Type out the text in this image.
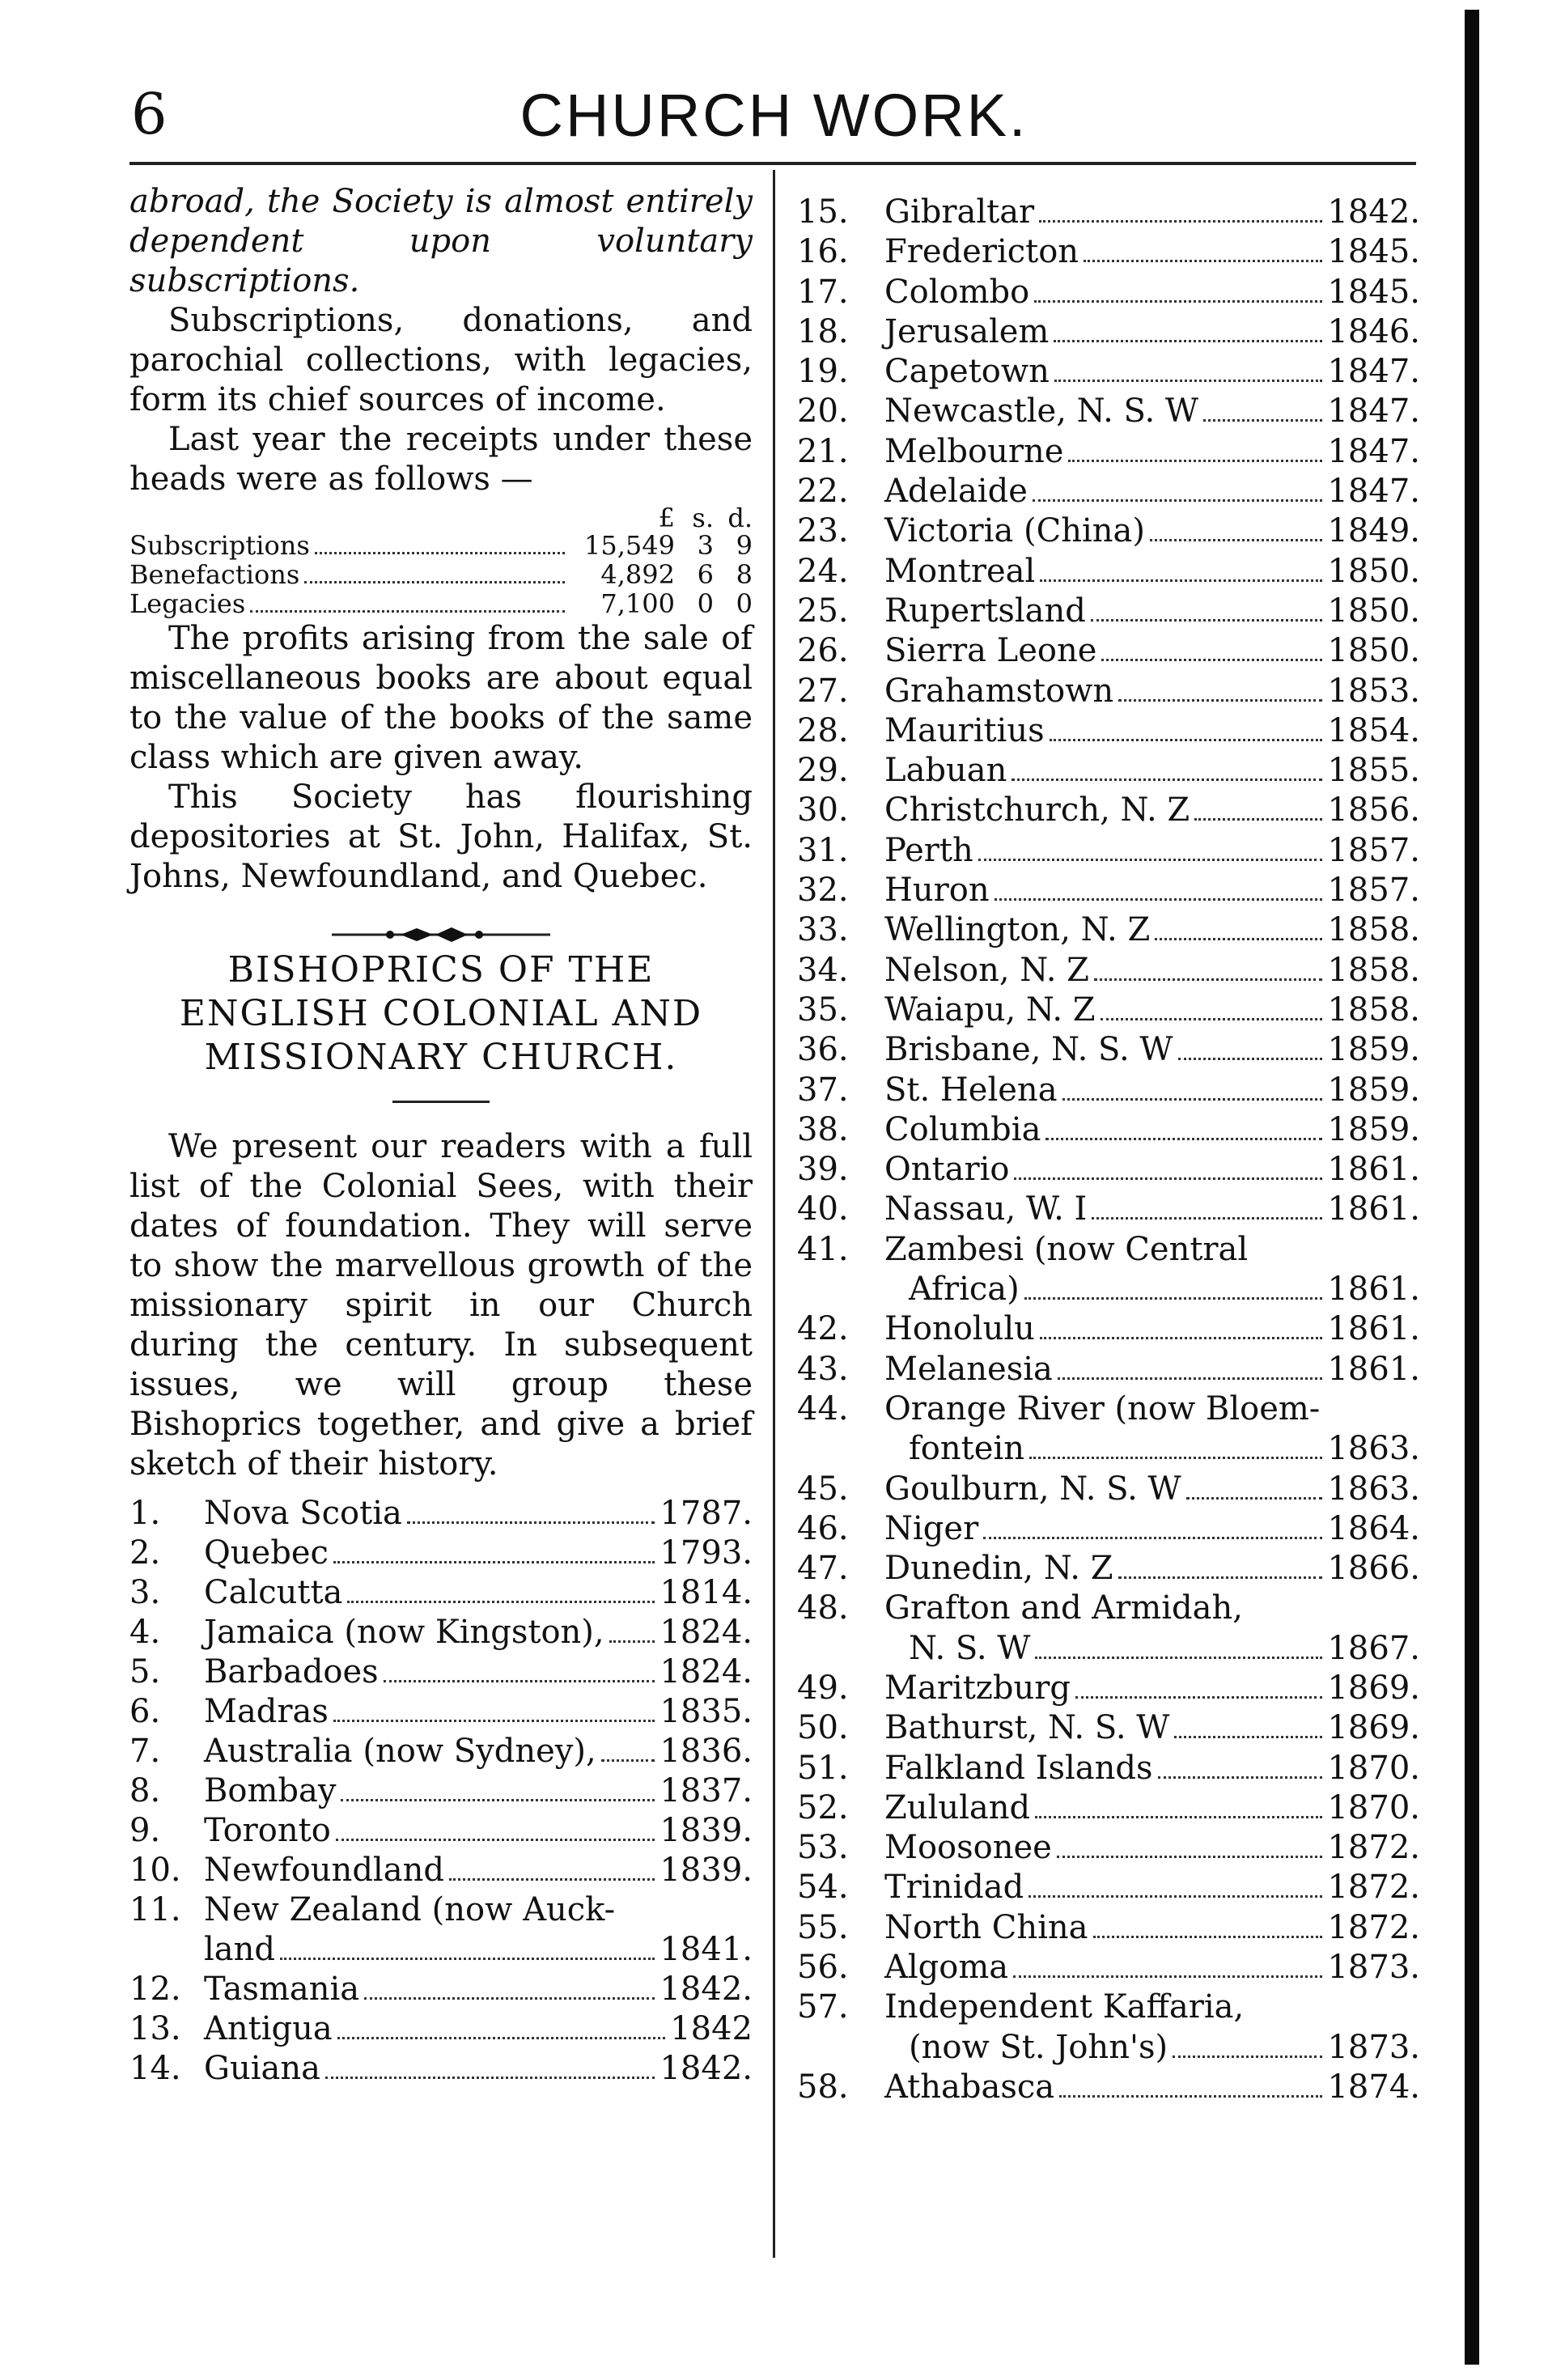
6	CHURCH WORK.

abroad, the Society is almost entirely dependent upon voluntary subscriptions.

Subscriptions, donations, and parochial collections, with legacies, form its chief sources of income.

Last year the receipts under these heads were as follows —

£ s. d.
Subscriptions	15,549 3 9
Benefactions	4,892 6 8
Legacies	7,100 0 0

The profits arising from the sale of miscellaneous books are about equal to the value of the books of the same class which are given away.

This Society has flourishing depositories at St. John, Halifax, St. Johns, Newfoundland, and Quebec.

BISHOPRICS OF THE ENGLISH COLONIAL AND MISSIONARY CHURCH.

We present our readers with a full list of the Colonial Sees, with their dates of foundation. They will serve to show the marvellous growth of the missionary spirit in our Church during the century. In subsequent issues, we will group these Bishoprics together, and give a brief sketch of their history.

1.	Nova Scotia	1787.
2.	Quebec	1793.
3.	Calcutta	1814.
4.	Jamaica (now Kingston), 1824.
5.	Barbadoes	1824.
6.	Madras	1835.
7.	Australia (now Sydney), 1836.
8.	Bombay	1837.
9.	Toronto	1839.
10. Newfoundland	1839.
11. New Zealand (now Auck-
land	1841.
12. Tasmania	1842.
13. Antigua	1842
14. Guiana	1842.
15.	Gibraltar	1842.
16.	Fredericton	1845.
17.	Colombo	1845.
18.	Jerusalem	1846.
19.	Capetown	1847.
20.	Newcastle, N. S. W	1847.
21.	Melbourne	1847.
22.	Adelaide	1847.
23.	Victoria (China)	1849.
24.	Montreal	1850.
25.	Rupertsland	1850.
26.	Sierra Leone	1850.
27.	Grahamstown	1853.
28.	Mauritius	1854.
29.	Labuan	1855.
30.	Christchurch, N. Z	1856.
31.	Perth	1857.
32.	Huron	1857.
33.	Wellington, N. Z	1858.
34.	Nelson, N. Z	1858.
35.	Waiapu, N. Z	1858.
36.	Brisbane, N. S. W	1859.
37.	St. Helena	1859.
38.	Columbia	1859.
39.	Ontario	1861.
40.	Nassau, W. I	1861.
41.	Zambesi (now Central
Africa)	1861.
42.	Honolulu	1861.
43.	Melanesia	1861.
44.	Orange River (now Bloem-
fontein	1863.
45.	Goulburn, N. S. W	1863.
46.	Niger	1864.
47.	Dunedin, N. Z	1866.
48.	Grafton and Armidah,
N. S. W	1867.
49.	Maritzburg	1869.
50.	Bathurst, N. S. W	1869.
51.	Falkland Islands	1870.
52.	Zululand	1870.
53.	Moosonee	1872.
54.	Trinidad	1872.
55.	North China	1872.
56.	Algoma	1873.
57.	Independent Kaffaria,
(now St. John's)	1873.
58.	Athabasca	1874.
